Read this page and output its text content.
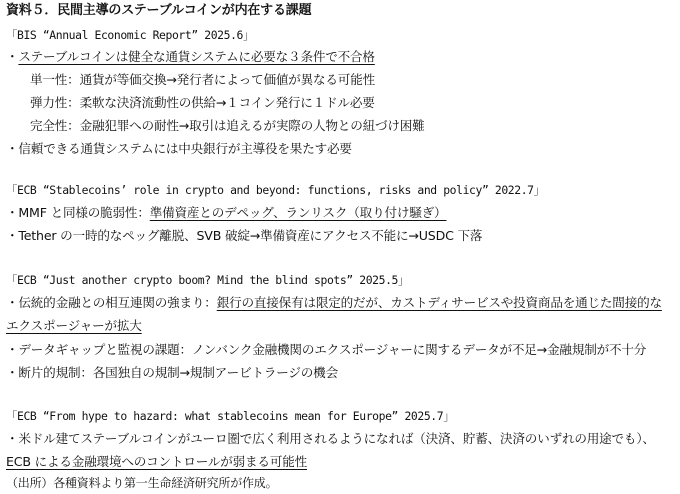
資料５．民間主導のステーブルコインが内在する課題
「BIS “Annual Economic Report” 2025.6」
・ステーブルコインは健全な通貨システムに必要な３条件で不合格
単一性：通貨が等価交換→発行者によって価値が異なる可能性
弾力性：柔軟な決済流動性の供給→１コイン発行に１ドル必要
完全性：金融犯罪への耐性→取引は追えるが実際の人物との紐づけ困難
・信頼できる通貨システムには中央銀行が主導役を果たす必要
「ECB “Stablecoins’ role in crypto and beyond: functions, risks and policy” 2022.7」
・MMF と同様の脆弱性：準備資産とのデペッグ、ランリスク（取り付け騒ぎ）
・Tether の一時的なペッグ離脱、SVB 破綻→準備資産にアクセス不能に→USDC 下落
「ECB “Just another crypto boom? Mind the blind spots” 2025.5」
・伝統的金融との相互連関の強まり：銀行の直接保有は限定的だが、カストディサービスや投資商品を通じた間接的な
エクスポージャーが拡大
・データギャップと監視の課題：ノンバンク金融機関のエクスポージャーに関するデータが不足→金融規制が不十分
・断片的規制：各国独自の規制→規制アービトラージの機会
「ECB “From hype to hazard: what stablecoins mean for Europe” 2025.7」
・米ドル建てステーブルコインがユーロ圏で広く利用されるようになれば（決済、貯蓄、決済のいずれの用途でも）、
ECB による金融環境へのコントロールが弱まる可能性
（出所）各種資料より第一生命経済研究所が作成。
